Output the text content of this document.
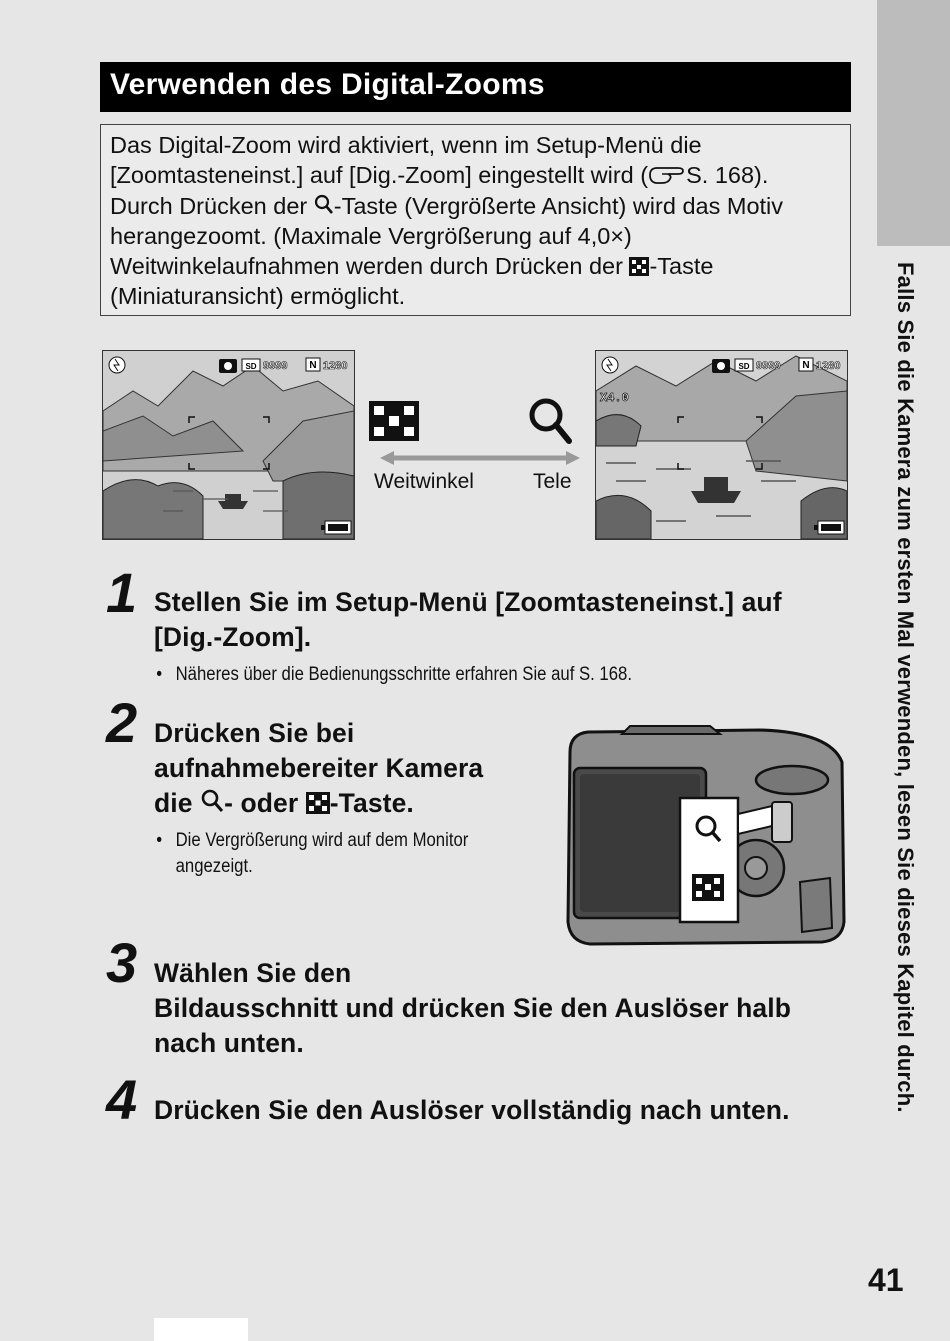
Falls Sie die Kamera zum ersten Mal verwenden, lesen Sie dieses Kapitel durch.
Verwenden des Digital-Zooms

Das Digital-Zoom wird aktiviert, wenn im Setup-Menü die

[Zoomtasteneinst.] auf [Dig.-Zoom] eingestellt wird ( S. 168).

Durch Drücken der -Taste (Vergrößerte Ansicht) wird das Motiv

herangezoomt. (Maximale Vergrößerung auf 4,0×)

Weitwinkelaufnahmen werden durch Drücken der -Taste

(Miniaturansicht) ermöglicht.

SD 9999 N 1280
Weitwinkel	Tele
X4.0
SD 9999 N 1280
1 Stellen Sie im Setup-Menü [Zoomtasteneinst.] auf
[Dig.-Zoom].
• Näheres über die Bedienungsschritte erfahren Sie auf S. 168.
2 Drücken Sie bei
aufnahmebereiter Kamera
die - oder -Taste.
• Die Vergrößerung wird auf dem Monitor
angezeigt.
3 Wählen Sie den
Bildausschnitt und drücken Sie den Auslöser halb
nach unten.
4 Drücken Sie den Auslöser vollständig nach unten.
41
